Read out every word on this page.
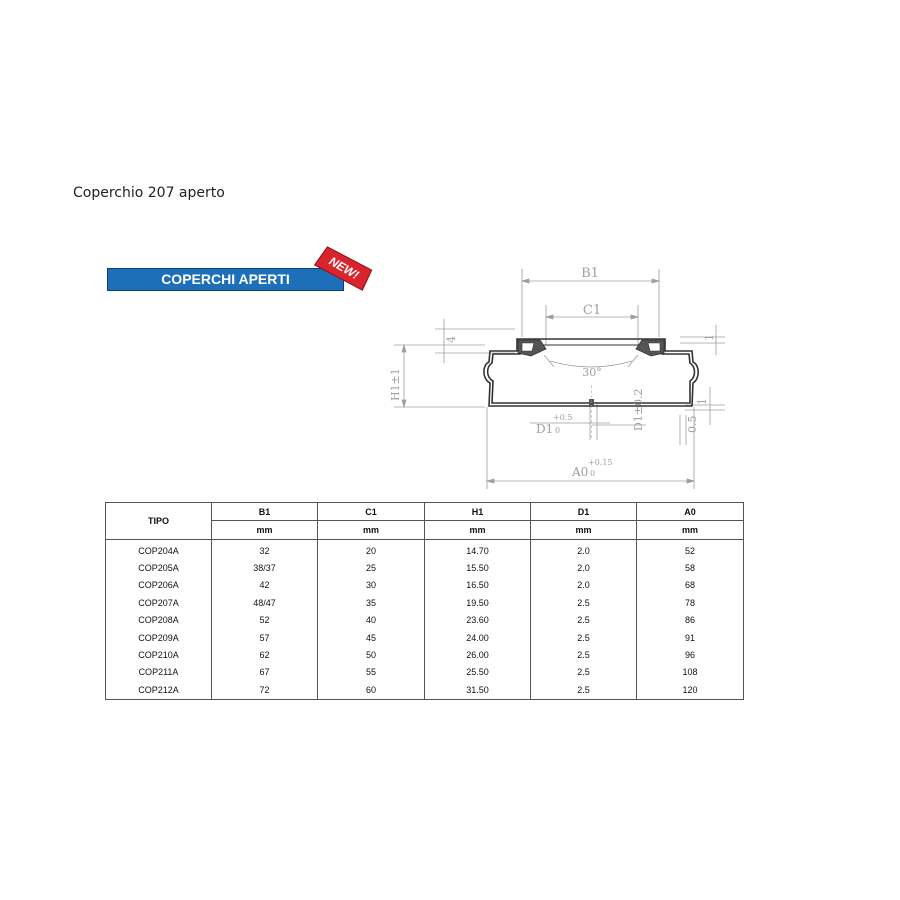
Coperchio 207 aperto
COPERCHI APERTI	NEW!	B1
C1
30°
4
H1±1
1
1
D1
+0.5
0	D1±0.2	0.5
A0
+0.15
0
TIPO	B1	C1	H1	D1	A0
	mm	mm	mm	mm	mm
COP204A	32	20	14.70	2.0	52
COP205A	38/37	25	15.50	2.0	58
COP206A	42	30	16.50	2.0	68
COP207A	48/47	35	19.50	2.5	78
COP208A	52	40	23.60	2.5	86
COP209A	57	45	24.00	2.5	91
COP210A	62	50	26.00	2.5	96
COP211A	67	55	25.50	2.5	108
COP212A	72	60	31.50	2.5	120
